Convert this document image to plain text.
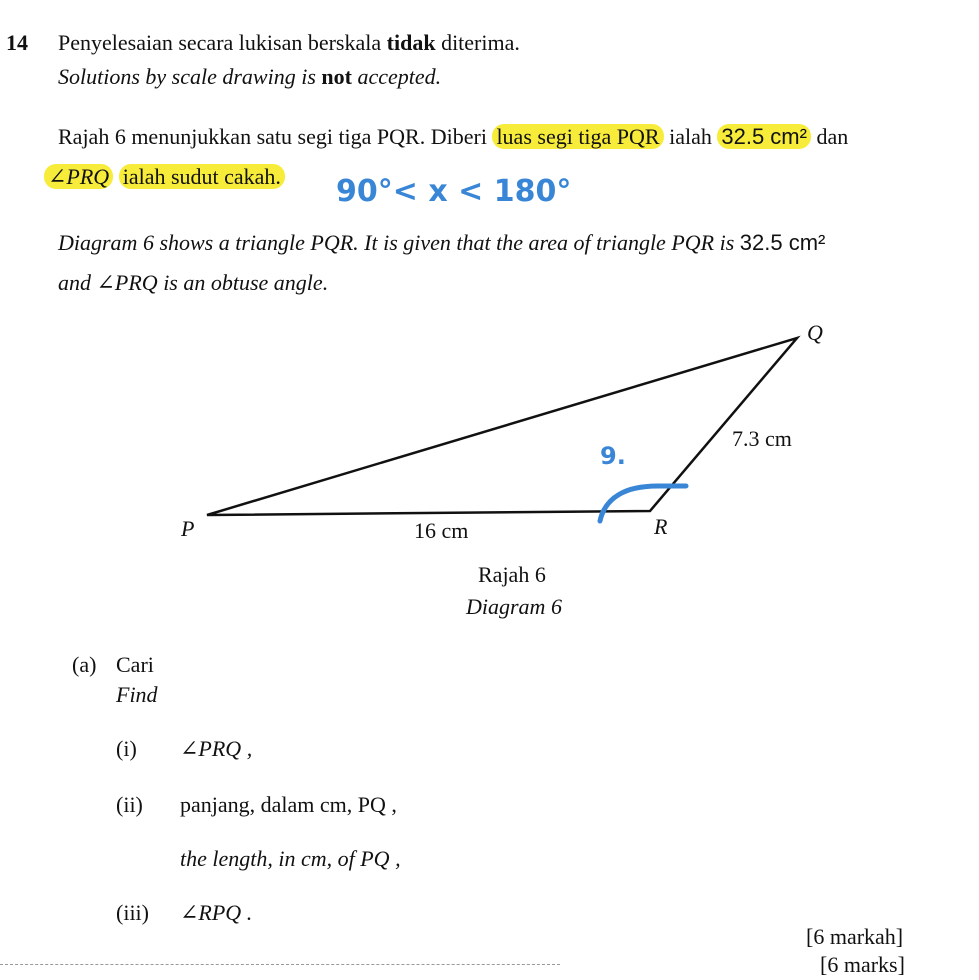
14 Penyelesaian secara lukisan berskala tidak diterima.
Solutions by scale drawing is not accepted.
Rajah 6 menunjukkan satu segi tiga PQR. Diberi luas segi tiga PQR ialah 32.5 cm² dan
∠PRQ ialah sudut cakah. 90°< x < 180°
Diagram 6 shows a triangle PQR. It is given that the area of triangle PQR is 32.5 cm²
and ∠PRQ is an obtuse angle.
P
Q
R
16 cm
7.3 cm
9.
Rajah 6
Diagram 6
(a) Cari
Find
(i) ∠PRQ ,
(ii) panjang, dalam cm, PQ ,
the length, in cm, of PQ ,
(iii) ∠RPQ .
[6 markah]
[6 marks]
